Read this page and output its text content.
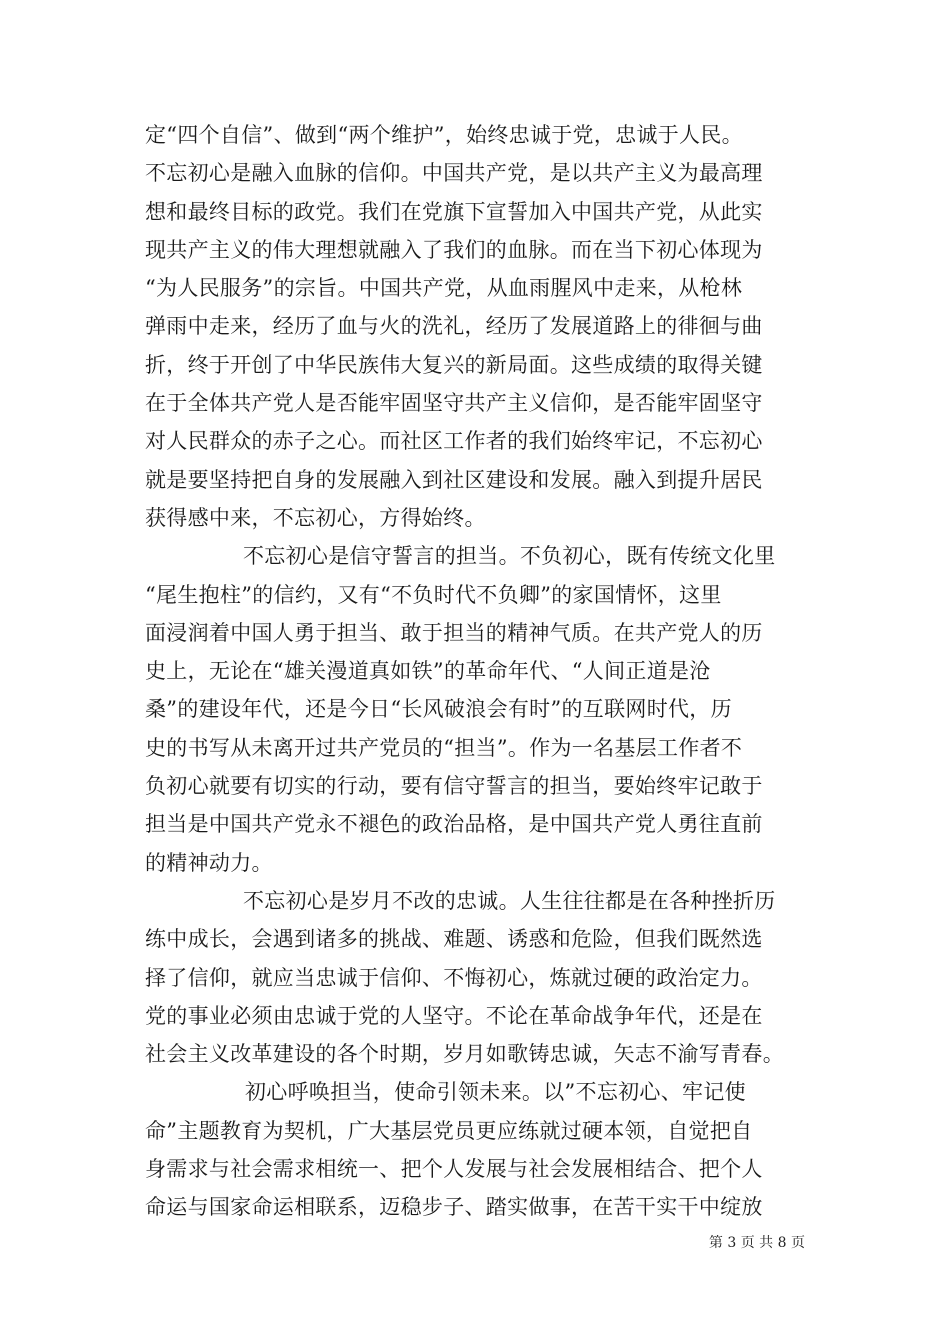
定“四个自信”、做到“两个维护”，始终忠诚于党，忠诚于人民。
不忘初心是融入血脉的信仰。中国共产党，是以共产主义为最高理
想和最终目标的政党。我们在党旗下宣誓加入中国共产党，从此实
现共产主义的伟大理想就融入了我们的血脉。而在当下初心体现为
“为人民服务”的宗旨。中国共产党，从血雨腥风中走来，从枪林
弹雨中走来，经历了血与火的洗礼，经历了发展道路上的徘徊与曲
折，终于开创了中华民族伟大复兴的新局面。这些成绩的取得关键
在于全体共产党人是否能牢固坚守共产主义信仰，是否能牢固坚守
对人民群众的赤子之心。而社区工作者的我们始终牢记，不忘初心
就是要坚持把自身的发展融入到社区建设和发展。融入到提升居民
获得感中来，不忘初心，方得始终。
不忘初心是信守誓言的担当。不负初心，既有传统文化里
“尾生抱柱”的信约，又有“不负时代不负卿”的家国情怀，这里
面浸润着中国人勇于担当、敢于担当的精神气质。在共产党人的历
史上，无论在“雄关漫道真如铁”的革命年代、“人间正道是沧
桑”的建设年代，还是今日“长风破浪会有时”的互联网时代，历
史的书写从未离开过共产党员的“担当”。作为一名基层工作者不
负初心就要有切实的行动，要有信守誓言的担当，要始终牢记敢于
担当是中国共产党永不褪色的政治品格，是中国共产党人勇往直前
的精神动力。
不忘初心是岁月不改的忠诚。人生往往都是在各种挫折历
练中成长，会遇到诸多的挑战、难题、诱惑和危险，但我们既然选
择了信仰，就应当忠诚于信仰、不悔初心，炼就过硬的政治定力。
党的事业必须由忠诚于党的人坚守。不论在革命战争年代，还是在
社会主义改革建设的各个时期，岁月如歌铸忠诚，矢志不渝写青春。
初心呼唤担当，使命引领未来。以”不忘初心、牢记使
命”主题教育为契机，广大基层党员更应练就过硬本领，自觉把自
身需求与社会需求相统一、把个人发展与社会发展相结合、把个人
命运与国家命运相联系，迈稳步子、踏实做事，在苦干实干中绽放
第 3 页 共 8 页
